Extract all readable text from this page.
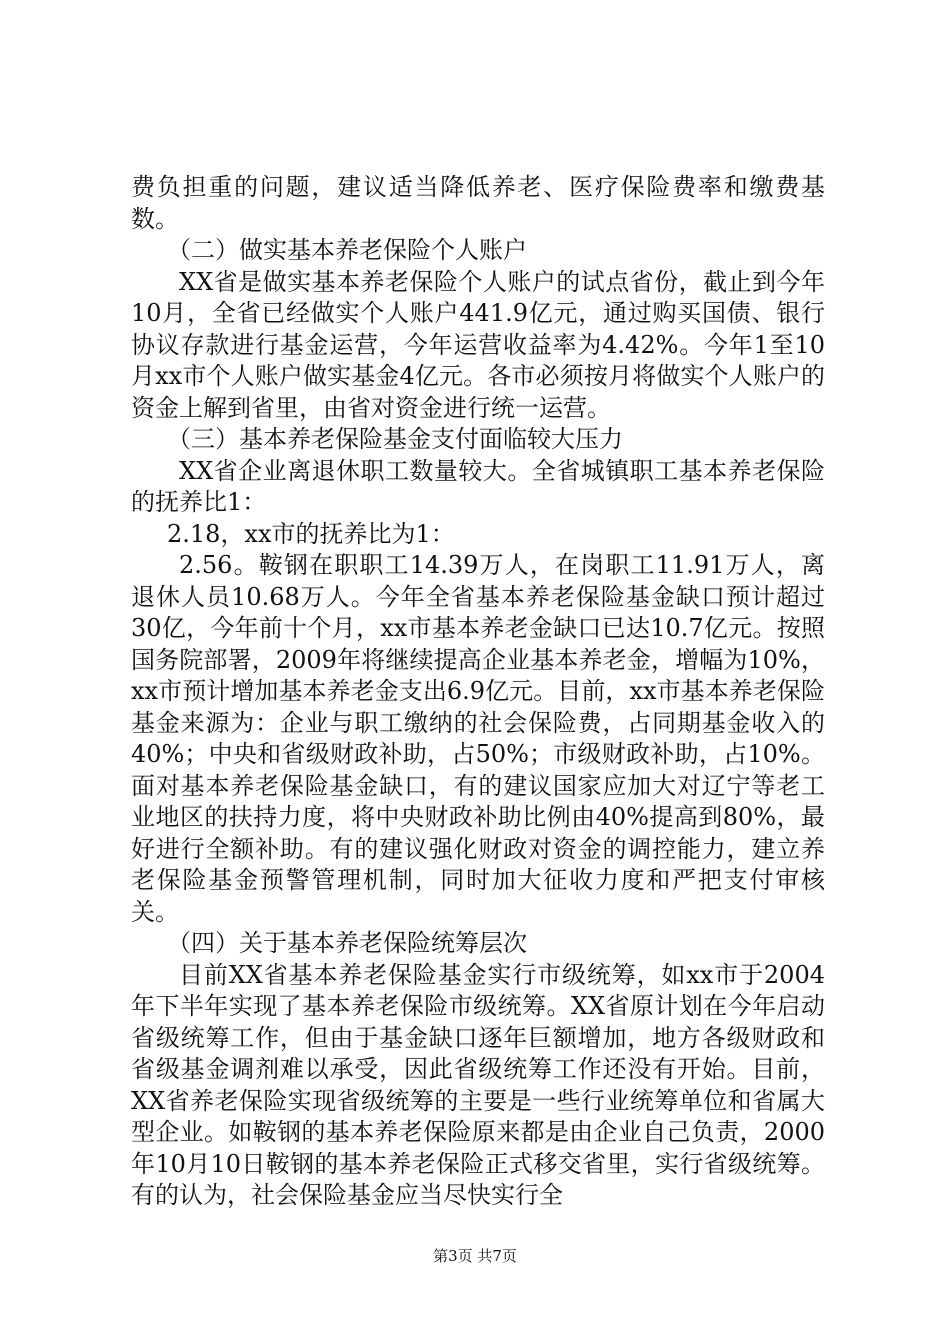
费负担重的问题，建议适当降低养老、医疗保险费率和缴费基数。

（二）做实基本养老保险个人账户

XX省是做实基本养老保险个人账户的试点省份，截止到今年10月，全省已经做实个人账户441.9亿元，通过购买国债、银行协议存款进行基金运营，今年运营收益率为4.42%。今年1至10月xx市个人账户做实基金4亿元。各市必须按月将做实个人账户的资金上解到省里，由省对资金进行统一运营。

（三）基本养老保险基金支付面临较大压力

XX省企业离退休职工数量较大。全省城镇职工基本养老保险的抚养比1：

2.18，xx市的抚养比为1：

2.56。鞍钢在职职工14.39万人，在岗职工11.91万人，离退休人员10.68万人。今年全省基本养老保险基金缺口预计超过30亿，今年前十个月，xx市基本养老金缺口已达10.7亿元。按照国务院部署，2009年将继续提高企业基本养老金，增幅为10%，xx市预计增加基本养老金支出6.9亿元。目前，xx市基本养老保险基金来源为：企业与职工缴纳的社会保险费，占同期基金收入的40%；中央和省级财政补助，占50%；市级财政补助，占10%。面对基本养老保险基金缺口，有的建议国家应加大对辽宁等老工业地区的扶持力度，将中央财政补助比例由40%提高到80%，最好进行全额补助。有的建议强化财政对资金的调控能力，建立养老保险基金预警管理机制，同时加大征收力度和严把支付审核关。

（四）关于基本养老保险统筹层次

目前XX省基本养老保险基金实行市级统筹，如xx市于2004年下半年实现了基本养老保险市级统筹。XX省原计划在今年启动省级统筹工作，但由于基金缺口逐年巨额增加，地方各级财政和省级基金调剂难以承受，因此省级统筹工作还没有开始。目前，XX省养老保险实现省级统筹的主要是一些行业统筹单位和省属大型企业。如鞍钢的基本养老保险原来都是由企业自己负责，2000年10月10日鞍钢的基本养老保险正式移交省里，实行省级统筹。有的认为，社会保险基金应当尽快实行全

第3页 共7页
